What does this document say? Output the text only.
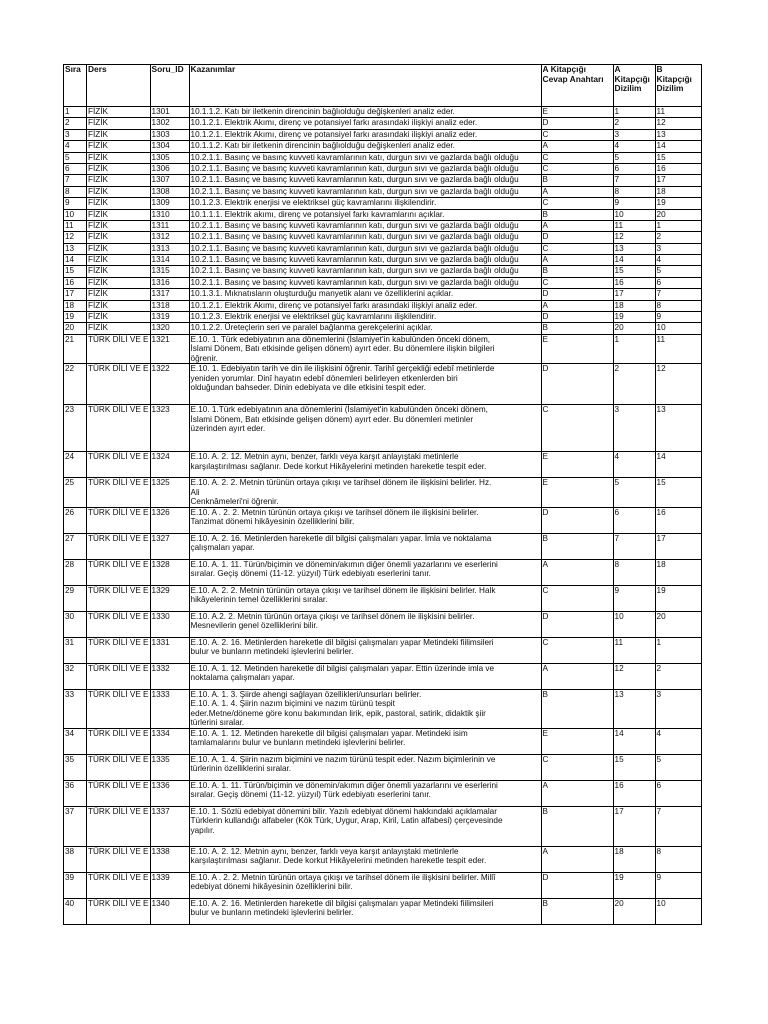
Sıra	Ders	Soru_ID	Kazanımlar	A Kitapçığı Cevap Anahtarı	A Kitapçığı Dizilim	B Kitapçığı Dizilim
1	FİZİK	1301	10.1.1.2. Katı bir iletkenin direncinin bağlıolduğu değişkenleri analiz eder.	E	1	11
2	FİZİK	1302	10.1.2.1. Elektrik Akımı, direnç ve potansiyel farkı arasındaki ilişkiyi analiz eder.	D	2	12
3	FİZİK	1303	10.1.2.1. Elektrik Akımı, direnç ve potansiyel farkı arasındaki ilişkiyi analiz eder.	C	3	13
4	FİZİK	1304	10.1.1.2. Katı bir iletkenin direncinin bağlıolduğu değişkenleri analiz eder.	A	4	14
5	FİZİK	1305	10.2.1.1. Basınç ve basınç kuvveti kavramlarının katı, durgun sıvı ve gazlarda bağlı olduğu	C	5	15
6	FİZİK	1306	10.2.1.1. Basınç ve basınç kuvveti kavramlarının katı, durgun sıvı ve gazlarda bağlı olduğu	C	6	16
7	FİZİK	1307	10.2.1.1. Basınç ve basınç kuvveti kavramlarının katı, durgun sıvı ve gazlarda bağlı olduğu	B	7	17
8	FİZİK	1308	10.2.1.1. Basınç ve basınç kuvveti kavramlarının katı, durgun sıvı ve gazlarda bağlı olduğu	A	8	18
9	FİZİK	1309	10.1.2.3. Elektrik enerjisi ve elektriksel güç kavramlarını ilişkilendirir.	C	9	19
10	FİZİK	1310	10.1.1.1. Elektrik akımı, direnç ve potansiyel farkı kavramlarını açıklar.	B	10	20
11	FİZİK	1311	10.2.1.1. Basınç ve basınç kuvveti kavramlarının katı, durgun sıvı ve gazlarda bağlı olduğu	A	11	1
12	FİZİK	1312	10.2.1.1. Basınç ve basınç kuvveti kavramlarının katı, durgun sıvı ve gazlarda bağlı olduğu	D	12	2
13	FİZİK	1313	10.2.1.1. Basınç ve basınç kuvveti kavramlarının katı, durgun sıvı ve gazlarda bağlı olduğu	C	13	3
14	FİZİK	1314	10.2.1.1. Basınç ve basınç kuvveti kavramlarının katı, durgun sıvı ve gazlarda bağlı olduğu	A	14	4
15	FİZİK	1315	10.2.1.1. Basınç ve basınç kuvveti kavramlarının katı, durgun sıvı ve gazlarda bağlı olduğu	B	15	5
16	FİZİK	1316	10.2.1.1. Basınç ve basınç kuvveti kavramlarının katı, durgun sıvı ve gazlarda bağlı olduğu	C	16	6
17	FİZİK	1317	10.1.3.1. Mıknatısların oluşturduğu manyetik alanı ve özelliklerini açıklar.	D	17	7
18	FİZİK	1318	10.1.2.1. Elektrik Akımı, direnç ve potansiyel farkı arasındaki ilişkiyi analiz eder.	A	18	8
19	FİZİK	1319	10.1.2.3. Elektrik enerjisi ve elektriksel güç kavramlarını ilişkilendirir.	D	19	9
20	FİZİK	1320	10.1.2.2. Üreteçlerin seri ve paralel bağlanma gerekçelerini açıklar.	B	20	10
21	TÜRK DİLİ VE E	1321	E.10. 1. Türk edebiyatının ana dönemlerini (İslamiyet'in kabulünden önceki dönem,
İslami Dönem, Batı etkisinde gelişen dönem) ayırt eder. Bu dönemlere ilişkin bilgileri
öğrenir.	E	1	11
22	TÜRK DİLİ VE E	1322	E.10. 1. Edebiyatın tarih ve din ile ilişkisini öğrenir. Tarihî gerçekliği edebî metinlerde
yeniden yorumlar. Dinî hayatın edebî dönemleri belirleyen etkenlerden biri
olduğundan bahseder. Dinin edebiyata ve dile etkisini tespit eder.	D	2	12
23	TÜRK DİLİ VE E	1323	E.10. 1.Türk edebiyatının ana dönemlerini (İslamiyet'in kabulünden önceki dönem,
İslami Dönem, Batı etkisinde gelişen dönem) ayırt eder. Bu dönemleri metinler
üzerinden ayırt eder.	C	3	13
24	TÜRK DİLİ VE E	1324	E.10. A. 2. 12. Metnin aynı, benzer, farklı veya karşıt anlayıştaki metinlerle
karşılaştırılması sağlanır. Dede korkut Hikâyelerini metinden hareketle tespit eder.	E	4	14
25	TÜRK DİLİ VE E	1325	E.10. A. 2. 2. Metnin türünün ortaya çıkışı ve tarihsel dönem ile ilişkisini belirler. Hz.
Ali
Cenknâmeleri'ni öğrenir.	E	5	15
26	TÜRK DİLİ VE E	1326	E.10. A . 2. 2. Metnin türünün ortaya çıkışı ve tarihsel dönem ile ilişkisini belirler.
Tanzimat dönemi hikâyesinin özelliklerini bilir.	D	6	16
27	TÜRK DİLİ VE E	1327	E.10. A. 2. 16. Metinlerden hareketle dil bilgisi çalışmaları yapar. İmla ve noktalama
çalışmaları yapar.	B	7	17
28	TÜRK DİLİ VE E	1328	E.10. A. 1. 11. Türün/biçimin ve dönemin/akımın diğer önemli yazarlarını ve eserlerini
sıralar. Geçiş dönemi (11-12. yüzyıl) Türk edebiyatı eserlerini tanır.	A	8	18
29	TÜRK DİLİ VE E	1329	E.10. A. 2. 2. Metnin türünün ortaya çıkışı ve tarihsel dönem ile ilişkisini belirler. Halk
hikâyelerinin temel özelliklerini sıralar.	C	9	19
30	TÜRK DİLİ VE E	1330	E.10. A.2. 2. Metnin türünün ortaya çıkışı ve tarihsel dönem ile ilişkisini belirler.
Mesnevilerin genel özelliklerini bilir.	D	10	20
31	TÜRK DİLİ VE E	1331	E.10. A. 2. 16. Metinlerden hareketle dil bilgisi çalışmaları yapar Metindeki fiilimsileri
bulur ve bunların metindeki işlevlerini belirler.	C	11	1
32	TÜRK DİLİ VE E	1332	E.10. A. 1. 12. Metinden hareketle dil bilgisi çalışmaları yapar. Ettin üzerinde imla ve
noktalama çalışmaları yapar.	A	12	2
33	TÜRK DİLİ VE E	1333	E.10. A. 1. 3. Şiirde ahengi sağlayan özellikleri/unsurları belirler.
E.10. A. 1. 4. Şiirin nazım biçimini ve nazım türünü tespit
eder.Metne/döneme göre konu bakımından lirik, epik, pastoral, satirik, didaktik şiir
türlerini sıralar.	B	13	3
34	TÜRK DİLİ VE E	1334	E.10. A. 1. 12. Metinden hareketle dil bilgisi çalışmaları yapar. Metindeki isim
tamlamalarını bulur ve bunların metindeki işlevlerini belirler.	E	14	4
35	TÜRK DİLİ VE E	1335	E.10. A. 1. 4. Şiirin nazım biçimini ve nazım türünü tespit eder. Nazım biçimlerinin ve
türlerinin özelliklerini sıralar.	C	15	5
36	TÜRK DİLİ VE E	1336	E.10. A. 1. 11. Türün/biçimin ve dönemin/akımın diğer önemli yazarlarını ve eserlerini
sıralar. Geçiş dönemi (11-12. yüzyıl) Türk edebiyatı eserlerini tanır.	A	16	6
37	TÜRK DİLİ VE E	1337	E.10. 1. Sözlü edebiyat dönemini bilir. Yazılı edebiyat dönemi hakkındaki açıklamalar
Türklerin kullandığı alfabeler (Kök Türk, Uygur, Arap, Kiril, Latin alfabesi) çerçevesinde
yapılır.	B	17	7
38	TÜRK DİLİ VE E	1338	E.10. A. 2. 12. Metnin aynı, benzer, farklı veya karşıt anlayıştaki metinlerle
karşılaştırılması sağlanır. Dede korkut Hikâyelerini metinden hareketle tespit eder.	A	18	8
39	TÜRK DİLİ VE E	1339	E.10. A . 2. 2. Metnin türünün ortaya çıkışı ve tarihsel dönem ile ilişkisini belirler. Millî
edebiyat dönemi hikâyesinin özelliklerini bilir.	D	19	9
40	TÜRK DİLİ VE E	1340	E.10. A. 2. 16. Metinlerden hareketle dil bilgisi çalışmaları yapar Metindeki fiilimsileri
bulur ve bunların metindeki işlevlerini belirler.	B	20	10
